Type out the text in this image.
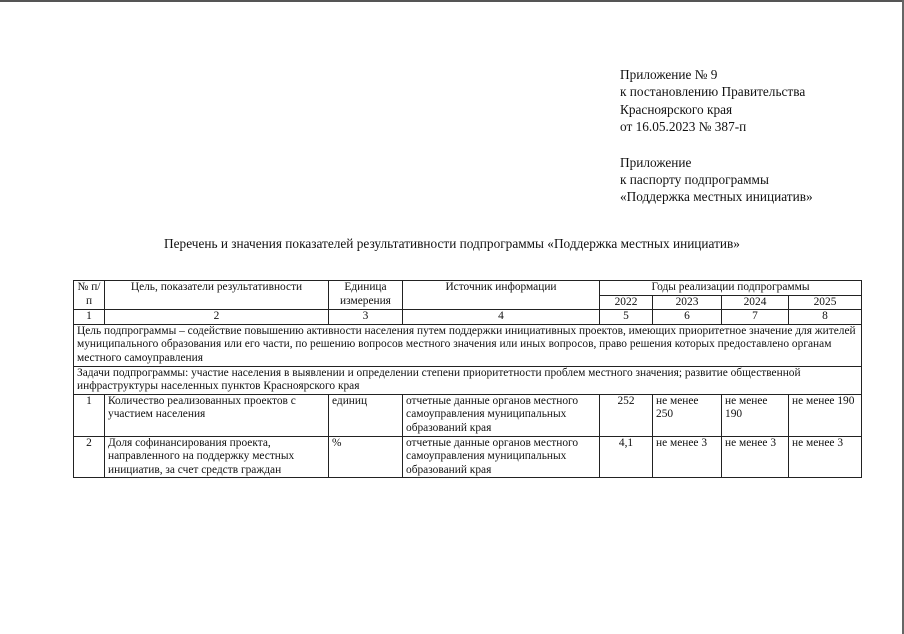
Приложение № 9
к постановлению Правительства
Красноярского края
от 16.05.2023 № 387-п
Приложение
к паспорту подпрограммы
«Поддержка местных инициатив»
Перечень и значения показателей результативности подпрограммы «Поддержка местных инициатив»
№ п/п	Цель, показатели результативности	Единица измерения	Источник информации	Годы реализации подпрограммы			
				2022	2023	2024	2025
1	2	3	4	5	6	7	8
Цель подпрограммы – содействие повышению активности населения путем поддержки инициативных проектов, имеющих приоритетное значение для жителей муниципального образования или его части, по решению вопросов местного значения или иных вопросов, право решения которых предоставлено органам местного самоуправления							
Задачи подпрограммы: участие населения в выявлении и определении степени приоритетности проблем местного значения; развитие общественной инфраструктуры населенных пунктов Красноярского края							
1	Количество реализованных проектов с участием населения	единиц	отчетные данные органов местного самоуправления муниципальных образований края	252	не менее 250	не менее 190	не менее 190
2	Доля софинансирования проекта, направленного на поддержку местных инициатив, за счет средств граждан	%	отчетные данные органов местного самоуправления муниципальных образований края	4,1	не менее 3	не менее 3	не менее 3
